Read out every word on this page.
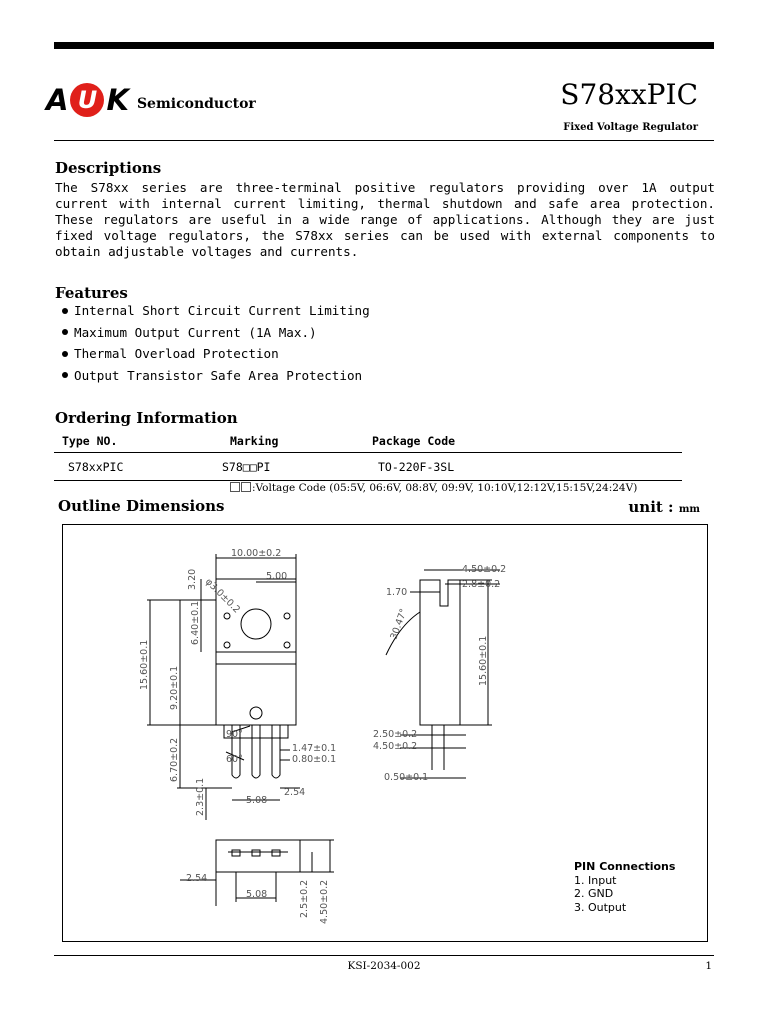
A U K Semiconductor	S78xxPIC
Fixed Voltage Regulator
Descriptions
The S78xx series are three-terminal positive regulators providing over 1A output current with internal current limiting, thermal shutdown and safe area protection. These regulators are useful in a wide range of applications. Although they are just fixed voltage regulators, the S78xx series can be used with external components to obtain adjustable voltages and currents.
Features
Internal Short Circuit Current Limiting
Maximum Output Current (1A Max.)
Thermal Overload Protection
Output Transistor Safe Area Protection
Ordering Information
Type NO.	Marking	Package Code
S78xxPIC	S78□□PI	TO-220F-3SL
:Voltage Code (05:5V, 06:6V, 08:8V, 09:9V, 10:10V,12:12V,15:15V,24:24V)
Outline Dimensions	unit : mm
10.00±0.2
5.00
3.20 φ3.0±0.2
6.40±0.1
15.60±0.1 9.20±0.1
6.70±0.2
2.3±0.1
90°
60°
1.47±0.1
0.80±0.1
2.54
5.08
4.50±0.2
2.8±0.2
1.70
30.47°
15.60±0.1
2.50±0.2
4.50±0.2
0.50±0.1
2.54
5.08	2.5±0.2 4.50±0.2
PIN Connections
1. Input
2. GND
3. Output
KSI-2034-002	1
